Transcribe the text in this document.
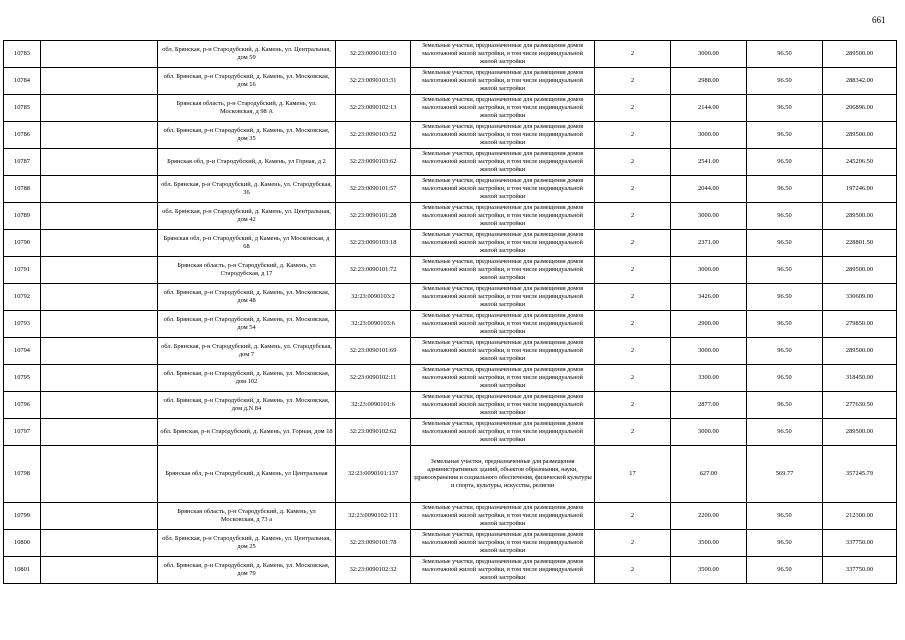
661
10783		обл. Брянская, р-н Стародубский, д. Камень, ул. Центральная, дом 59	32:23:0090103:10	Земельные участки, предназначенные для размещения домов малоэтажной жилой застройки, в том числе индивидуальной жилой застройки	2	3000.00	96.50	289500.00
10784		обл. Брянская, р-н Стародубский, д. Камень, ул. Московская, дом 16	32:23:0090103:31	Земельные участки, предназначенные для размещения домов малоэтажной жилой застройки, в том числе индивидуальной жилой застройки	2	2988.00	96.50	288342.00
10785		Брянская область, р-н Стародубский, д. Камень, ул. Московская, д 98 А	32:23:0090102:13	Земельные участки, предназначенные для размещения домов малоэтажной жилой застройки, в том числе индивидуальной жилой застройки	2	2144.00	96.50	206896.00
10786		обл. Брянская, р-н Стародубский, д. Камень, ул. Московская, дом 35	32:23:0090103:52	Земельные участки, предназначенные для размещения домов малоэтажной жилой застройки, в том числе индивидуальной жилой застройки	2	3000.00	96.50	289500.00
10787		Брянская обл, р-н Стародубский, д. Камень, ул Горная, д 2	32:23:0090103:62	Земельные участки, предназначенные для размещения домов малоэтажной жилой застройки, в том числе индивидуальной жилой застройки	2	2541.00	96.50	245206.50
10788		обл. Брянская, р-н Стародубский, д. Камень, ул. Стародубская, 36	32:23:0090101:57	Земельные участки, предназначенные для размещения домов малоэтажной жилой застройки, в том числе индивидуальной жилой застройки	2	2044.00	96.50	197246.00
10789		обл. Брянская, р-н Стародубский, д. Камень, ул. Центральная, дом 42	32:23:0090101:28	Земельные участки, предназначенные для размещения домов малоэтажной жилой застройки, в том числе индивидуальной жилой застройки	2	3000.00	96.50	289500.00
10790		Брянская обл, р-н Стародубский, д Камень, ул Московская, д 68	32:23:0090103:18	Земельные участки, предназначенные для размещения домов малоэтажной жилой застройки, в том числе индивидуальной жилой застройки	2	2371.00	96.50	228801.50
10791		Брянская область, р-н Стародубский, д. Камень, ул Стародубская, д 17	32:23:0090101:72	Земельные участки, предназначенные для размещения домов малоэтажной жилой застройки, в том числе индивидуальной жилой застройки	2	3000.00	96.50	289500.00
10792		обл. Брянская, р-н Стародубский, д. Камень, ул. Московская, дом 48	32:23:0090103:2	Земельные участки, предназначенные для размещения домов малоэтажной жилой застройки, в том числе индивидуальной жилой застройки	2	3426.00	96.50	330609.00
10793		обл. Брянская, р-н Стародубский, д. Камень, ул. Московская, дом 54	32:23:0090103:6	Земельные участки, предназначенные для размещения домов малоэтажной жилой застройки, в том числе индивидуальной жилой застройки	2	2900.00	96.50	279850.00
10794		обл. Брянская, р-н Стародубский, д. Камень, ул. Стародубская, дом 7	32:23:0090101:69	Земельные участки, предназначенные для размещения домов малоэтажной жилой застройки, в том числе индивидуальной жилой застройки	2	3000.00	96.50	289500.00
10795		обл. Брянская, р-н Стародубский, д. Камень, ул. Московская, дом 102	32:23:0090102:11	Земельные участки, предназначенные для размещения домов малоэтажной жилой застройки, в том числе индивидуальной жилой застройки	2	3300.00	96.50	318450.00
10796		обл. Брянская, р-н Стародубский, д. Камень, ул. Московская, дом д.N 84	32:23:0090101:6	Земельные участки, предназначенные для размещения домов малоэтажной жилой застройки, в том числе индивидуальной жилой застройки	2	2877.00	96.50	277630.50
10797		обл. Брянская, р-н Стародубский, д. Камень, ул. Горная, дом 18	32:23:0090102:62	Земельные участки, предназначенные для размещения домов малоэтажной жилой застройки, в том числе индивидуальной жилой застройки	2	3000.00	96.50	289500.00
10798		Брянская обл, р-н Стародубский, д Камень, ул Центральная	32:23:0090101:137	Земельные участки, предназначенные для размещения административных зданий, объектов образования, науки, здравоохранения и социального обеспечения, физической культуры и спорта, культуры, искусства, религии	17	627.00	569.77	357245.79
10799		Брянская область, р-н Стародубский, д. Камень, ул Московская, д 73 а	32:23:0090102:111	Земельные участки, предназначенные для размещения домов малоэтажной жилой застройки, в том числе индивидуальной жилой застройки	2	2200.00	96.50	212300.00
10800		обл. Брянская, р-н Стародубский, д. Камень, ул. Центральная, дом 25	32:23:0090101:78	Земельные участки, предназначенные для размещения домов малоэтажной жилой застройки, в том числе индивидуальной жилой застройки	2	3500.00	96.50	337750.00
10801		обл. Брянская, р-н Стародубский, д. Камень, ул. Московская, дом 79	32:23:0090102:32	Земельные участки, предназначенные для размещения домов малоэтажной жилой застройки, в том числе индивидуальной жилой застройки	2	3500.00	96.50	337750.00
